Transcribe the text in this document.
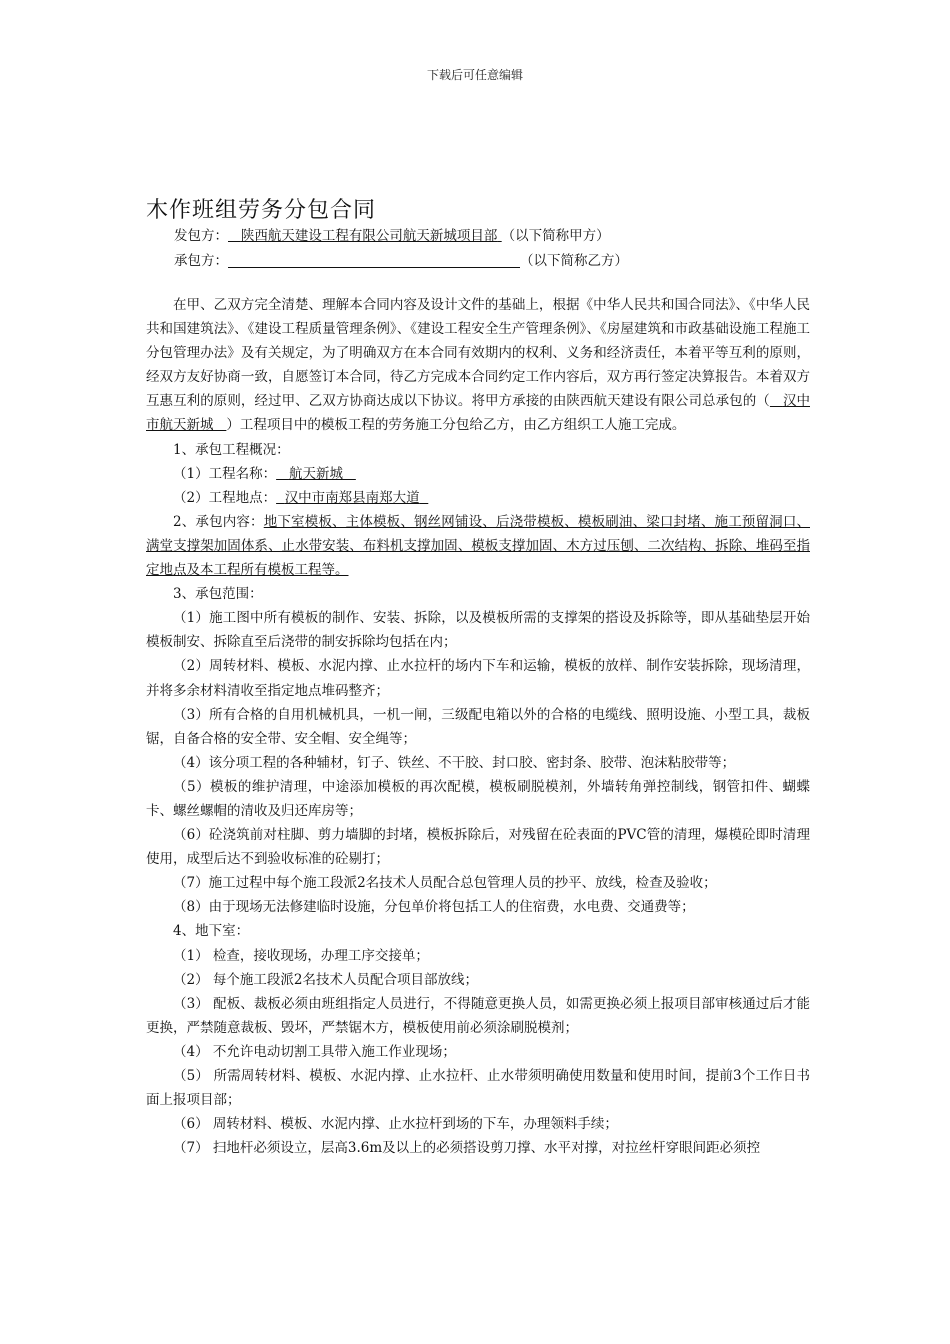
下载后可任意编辑
木作班组劳务分包合同
发包方： 陕西航天建设工程有限公司航天新城项目部 （以下简称甲方）
承包方：	（以下简称乙方）

在甲、乙双方完全清楚、理解本合同内容及设计文件的基础上，根据《中华人民共和国合同法》、《中华人民共和国建筑法》、《建设工程质量管理条例》、《建设工程安全生产管理条例》、《房屋建筑和市政基础设施工程施工分包管理办法》及有关规定，为了明确双方在本合同有效期内的权利、义务和经济责任，本着平等互利的原则，经双方友好协商一致，自愿签订本合同，待乙方完成本合同约定工作内容后，双方再行签定决算报告。本着双方互惠互利的原则，经过甲、乙双方协商达成以下协议。将甲方承接的由陕西航天建设有限公司总承包的（ 汉中市航天新城 ）工程项目中的模板工程的劳务施工分包给乙方，由乙方组织工人施工完成。

1、承包工程概况：

（1）工程名称： 航天新城

（2）工程地点： 汉中市南郑县南郑大道

2、承包内容：地下室模板、主体模板、钢丝网铺设、后浇带模板、模板刷油、梁口封堵、施工预留洞口、满堂支撑架加固体系、止水带安装、布料机支撑加固、模板支撑加固、木方过压刨、二次结构、拆除、堆码至指定地点及本工程所有模板工程等。

3、承包范围：

（1）施工图中所有模板的制作、安装、拆除，以及模板所需的支撑架的搭设及拆除等，即从基础垫层开始模板制安、拆除直至后浇带的制安拆除均包括在内；

（2）周转材料、模板、水泥内撑、止水拉杆的场内下车和运输，模板的放样、制作安装拆除，现场清理，并将多余材料清收至指定地点堆码整齐；

（3）所有合格的自用机械机具，一机一闸，三级配电箱以外的合格的电缆线、照明设施、小型工具，裁板锯，自备合格的安全带、安全帽、安全绳等；

（4）该分项工程的各种辅材，钉子、铁丝、不干胶、封口胶、密封条、胶带、泡沫粘胶带等；

（5）模板的维护清理，中途添加模板的再次配模，模板刷脱模剂，外墙转角弹控制线，钢管扣件、蝴蝶卡、螺丝螺帽的清收及归还库房等；

（6）砼浇筑前对柱脚、剪力墙脚的封堵，模板拆除后，对残留在砼表面的PVC管的清理，爆模砼即时清理使用，成型后达不到验收标准的砼剔打；

（7）施工过程中每个施工段派2名技术人员配合总包管理人员的抄平、放线，检查及验收；

（8）由于现场无法修建临时设施，分包单价将包括工人的住宿费，水电费、交通费等；

4、地下室：

（1） 检查，接收现场，办理工序交接单；

（2） 每个施工段派2名技术人员配合项目部放线；

（3） 配板、裁板必须由班组指定人员进行，不得随意更换人员，如需更换必须上报项目部审核通过后才能更换，严禁随意裁板、毁坏，严禁锯木方，模板使用前必须涂刷脱模剂；

（4） 不允许电动切割工具带入施工作业现场；

（5） 所需周转材料、模板、水泥内撑、止水拉杆、止水带须明确使用数量和使用时间，提前3个工作日书面上报项目部；

（6） 周转材料、模板、水泥内撑、止水拉杆到场的下车，办理领料手续；

（7） 扫地杆必须设立，层高3.6m及以上的必须搭设剪刀撑、水平对撑，对拉丝杆穿眼间距必须控
